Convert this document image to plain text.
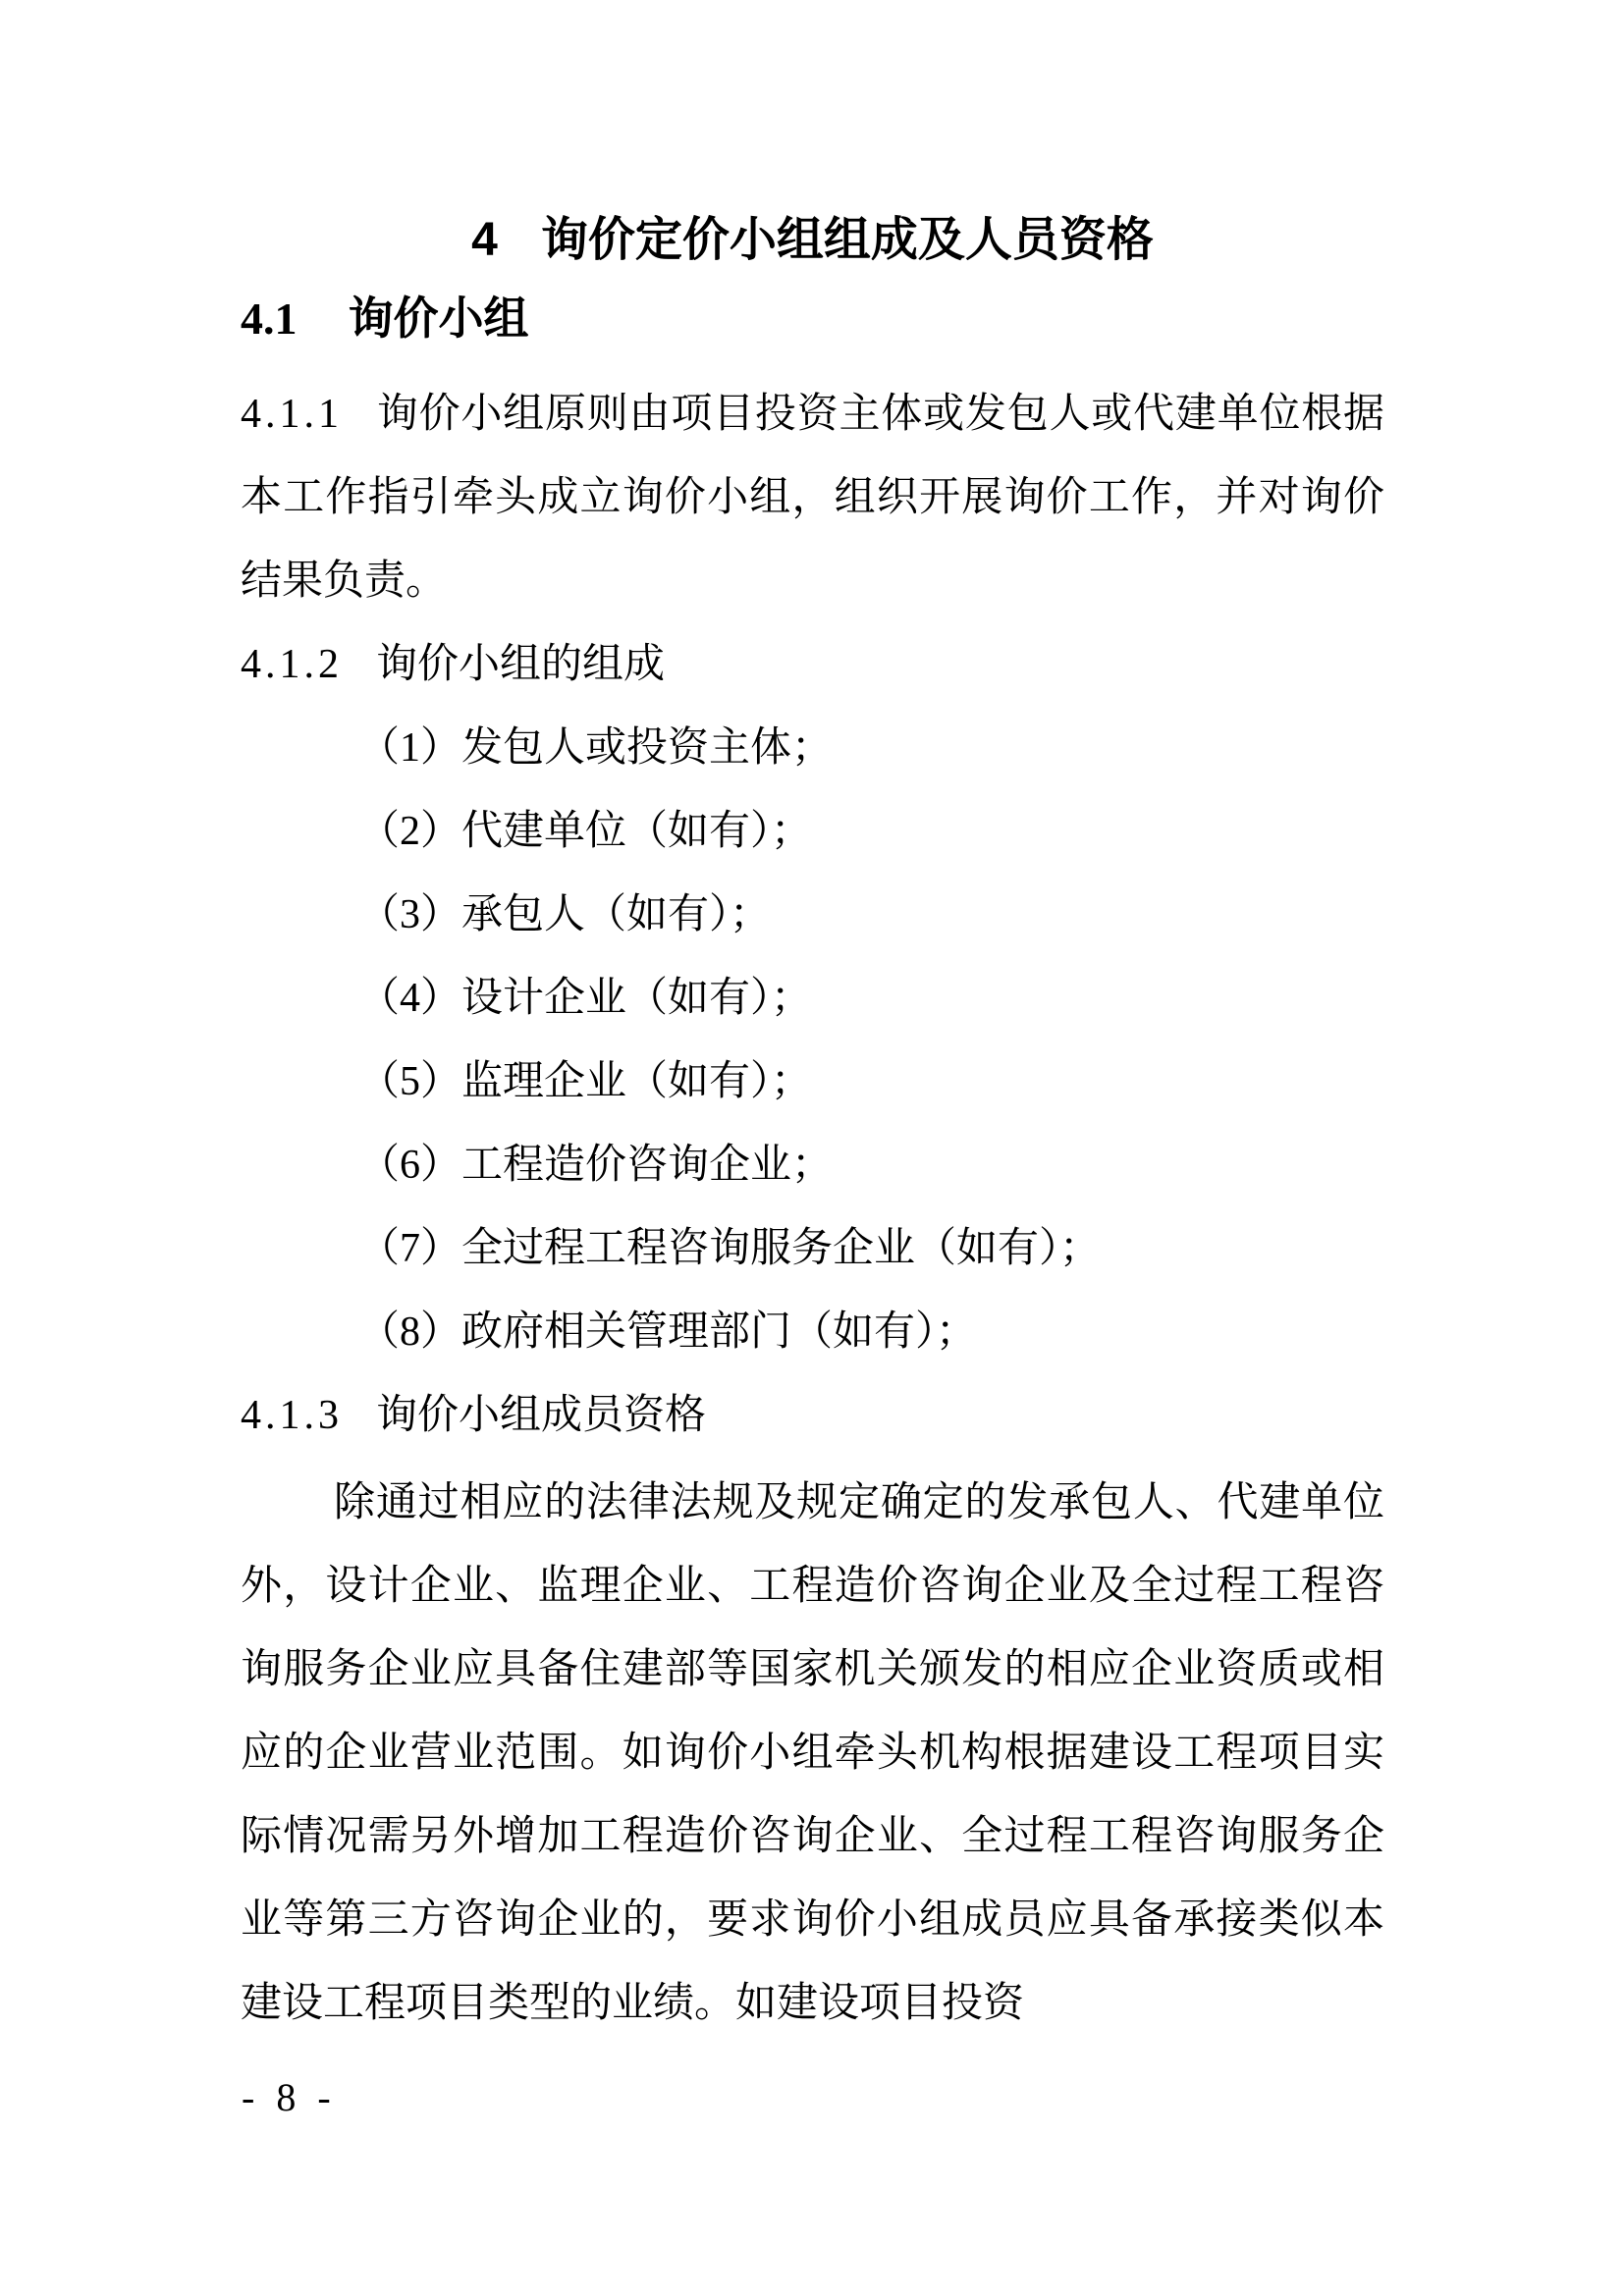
4 询价定价小组组成及人员资格
4.1 询价小组

4.1.1 询价小组原则由项目投资主体或发包人或代建单位根据本工作指引牵头成立询价小组，组织开展询价工作，并对询价结果负责。

4.1.2 询价小组的组成
（1）发包人或投资主体；
（2）代建单位（如有）；
（3）承包人（如有）；
（4）设计企业（如有）；
（5）监理企业（如有）；
（6）工程造价咨询企业；
（7）全过程工程咨询服务企业（如有）；
（8）政府相关管理部门（如有）；
4.1.3 询价小组成员资格

除通过相应的法律法规及规定确定的发承包人、代建单位外，设计企业、监理企业、工程造价咨询企业及全过程工程咨询服务企业应具备住建部等国家机关颁发的相应企业资质或相应的企业营业范围。如询价小组牵头机构根据建设工程项目实际情况需另外增加工程造价咨询企业、全过程工程咨询服务企业等第三方咨询企业的，要求询价小组成员应具备承接类似本建设工程项目类型的业绩。如建设项目投资

- 8 -
